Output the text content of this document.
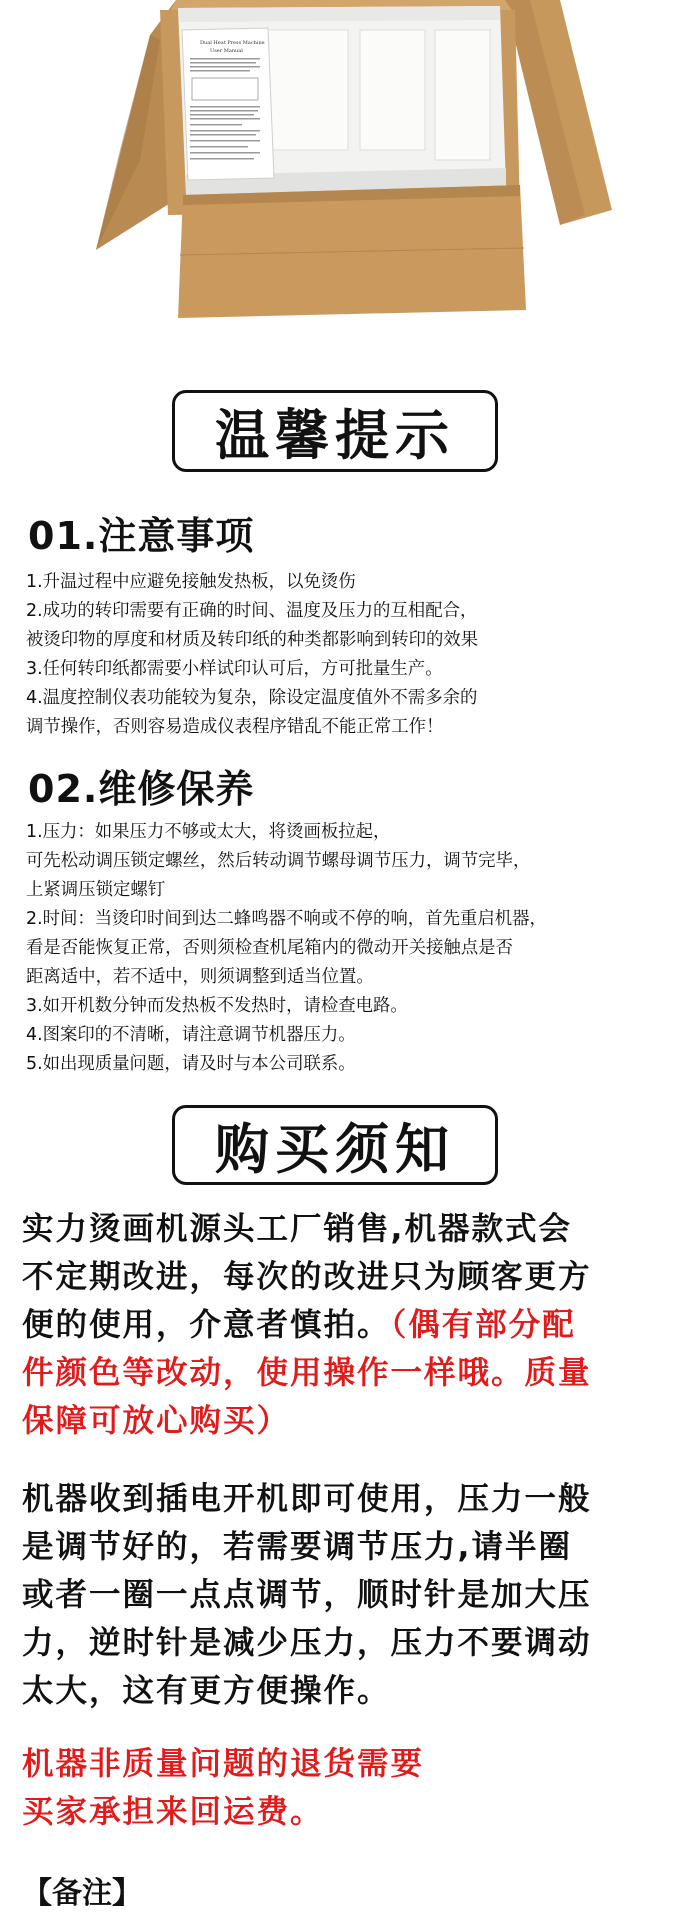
Dual Heat Press Machine
User Manual
温馨提示
01.注意事项

1.升温过程中应避免接触发热板，以免烫伤

2.成功的转印需要有正确的时间、温度及压力的互相配合，

被烫印物的厚度和材质及转印纸的种类都影响到转印的效果

3.任何转印纸都需要小样试印认可后，方可批量生产。

4.温度控制仪表功能较为复杂，除设定温度值外不需多余的

调节操作，否则容易造成仪表程序错乱不能正常工作！

02.维修保养

1.压力：如果压力不够或太大，将烫画板拉起，

可先松动调压锁定螺丝，然后转动调节螺母调节压力，调节完毕，

上紧调压锁定螺钉

2.时间：当烫印时间到达二蜂鸣器不响或不停的响，首先重启机器，

看是否能恢复正常，否则须检查机尾箱内的微动开关接触点是否

距离适中，若不适中，则须调整到适当位置。

3.如开机数分钟而发热板不发热时，请检查电路。

4.图案印的不清晰，请注意调节机器压力。

5.如出现质量问题，请及时与本公司联系。

购买须知

实力烫画机源头工厂销售,机器款式会

不定期改进，每次的改进只为顾客更方

便的使用，介意者慎拍。（偶有部分配

件颜色等改动，使用操作一样哦。质量

保障可放心购买）

机器收到插电开机即可使用，压力一般

是调节好的，若需要调节压力,请半圈

或者一圈一点点调节，顺时针是加大压

力，逆时针是减少压力，压力不要调动

太大，这有更方便操作。

机器非质量问题的退货需要

买家承担来回运费。

【备注】
